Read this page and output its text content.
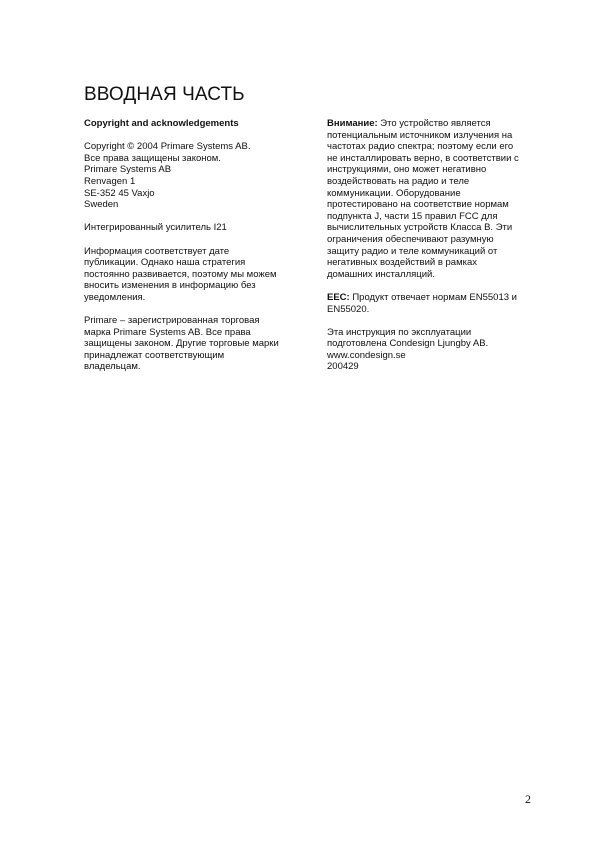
ВВОДНАЯ ЧАСТЬ
Copyright and acknowledgements
Copyright © 2004 Primare Systems AB.
Все права защищены законом.
Primare Systems AB
Renvagen 1
SE-352 45 Vaxjo
Sweden
Интегрированный усилитель I21
Информация соответствует дате
публикации. Однако наша стратегия
постоянно развивается, поэтому мы можем
вносить изменения в информацию без
уведомления.
Primare – зарегистрированная торговая
марка Primare Systems AB. Все права
защищены законом. Другие торговые марки
принадлежат соответствующим
владельцам.
Внимание: Это устройство является
потенциальным источником излучения на
частотах радио спектра; поэтому если его
не инсталлировать верно, в соответствии с
инструкциями, оно может негативно
воздействовать на радио и теле
коммуникации. Оборудование
протестировано на соответствие нормам
подпункта J, части 15 правил FCC для
вычислительных устройств Класса B. Эти
ограничения обеспечивают разумную
защиту радио и теле коммуникаций от
негативных воздействий в рамках
домашних инсталляций.
EEC: Продукт отвечает нормам EN55013 и
EN55020.
Эта инструкция по эксплуатации
подготовлена Condesign Ljungby AB.
www.condesign.se
200429
2
